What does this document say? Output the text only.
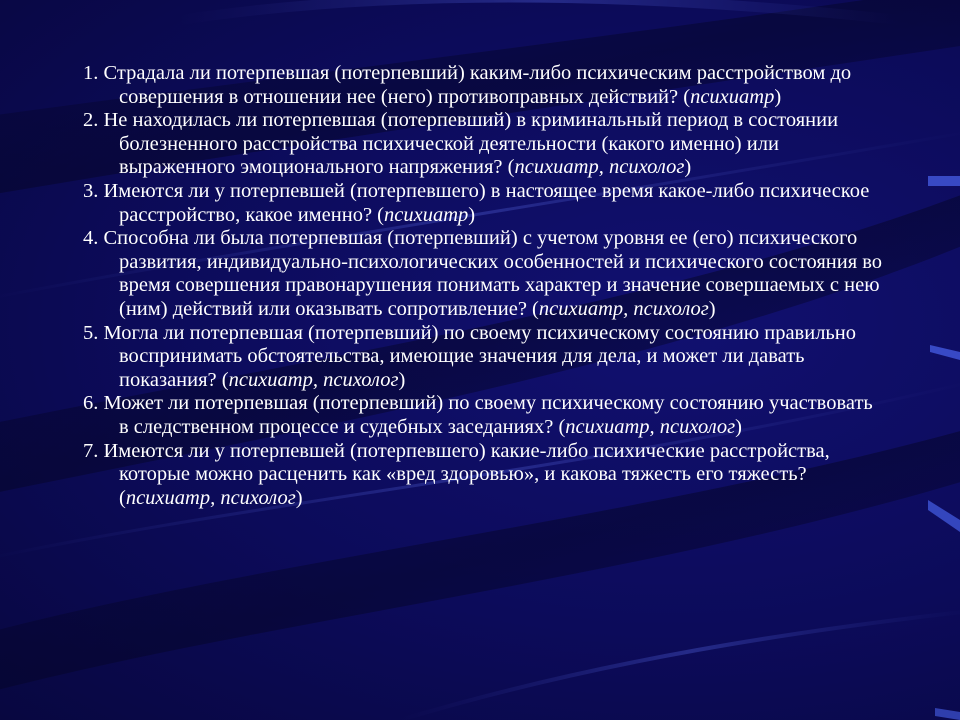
1. Страдала ли потерпевшая (потерпевший) каким-либо психическим расстройством до совершения в отношении нее (него) противоправных действий? (психиатр)

2. Не находилась ли потерпевшая (потерпевший) в криминальный период в состоянии болезненного расстройства психической деятельности (какого именно) или выраженного эмоционального напряжения? (психиатр, психолог)

3. Имеются ли у потерпевшей (потерпевшего) в настоящее время какое-либо психическое расстройство, какое именно? (психиатр)

4. Способна ли была потерпевшая (потерпевший) с учетом уровня ее (его) психического развития, индивидуально-психологических особенностей и психического состояния во время совершения правонарушения понимать характер и значение совершаемых с нею (ним) действий или оказывать сопротивление? (психиатр, психолог)

5. Могла ли потерпевшая (потерпевший) по своему психическому состоянию правильно воспринимать обстоятельства, имеющие значения для дела, и может ли давать показания? (психиатр, психолог)

6. Может ли потерпевшая (потерпевший) по своему психическому состоянию участвовать в следственном процессе и судебных заседаниях? (психиатр, психолог)

7. Имеются ли у потерпевшей (потерпевшего) какие-либо психические расстройства, которые можно расценить как «вред здоровью», и какова тяжесть его тяжесть? (психиатр, психолог)
